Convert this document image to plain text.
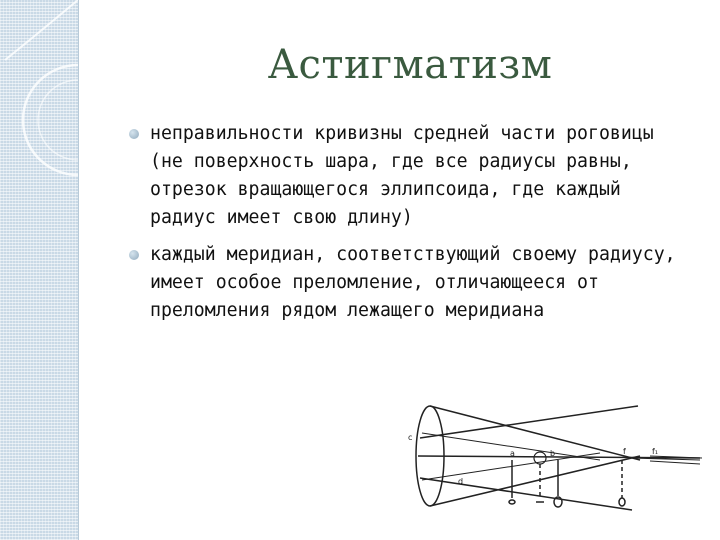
Астигматизм
неправильности кривизны средней части роговицы (не поверхность шара, где все радиусы равны, отрезок вращающегося эллипсоида, где каждый радиус имеет свою длину)
каждый меридиан, соответствующий своему радиусу, имеет особое преломление, отличающееся от преломления рядом лежащего меридиана
c
d
a	b	f	f₁
